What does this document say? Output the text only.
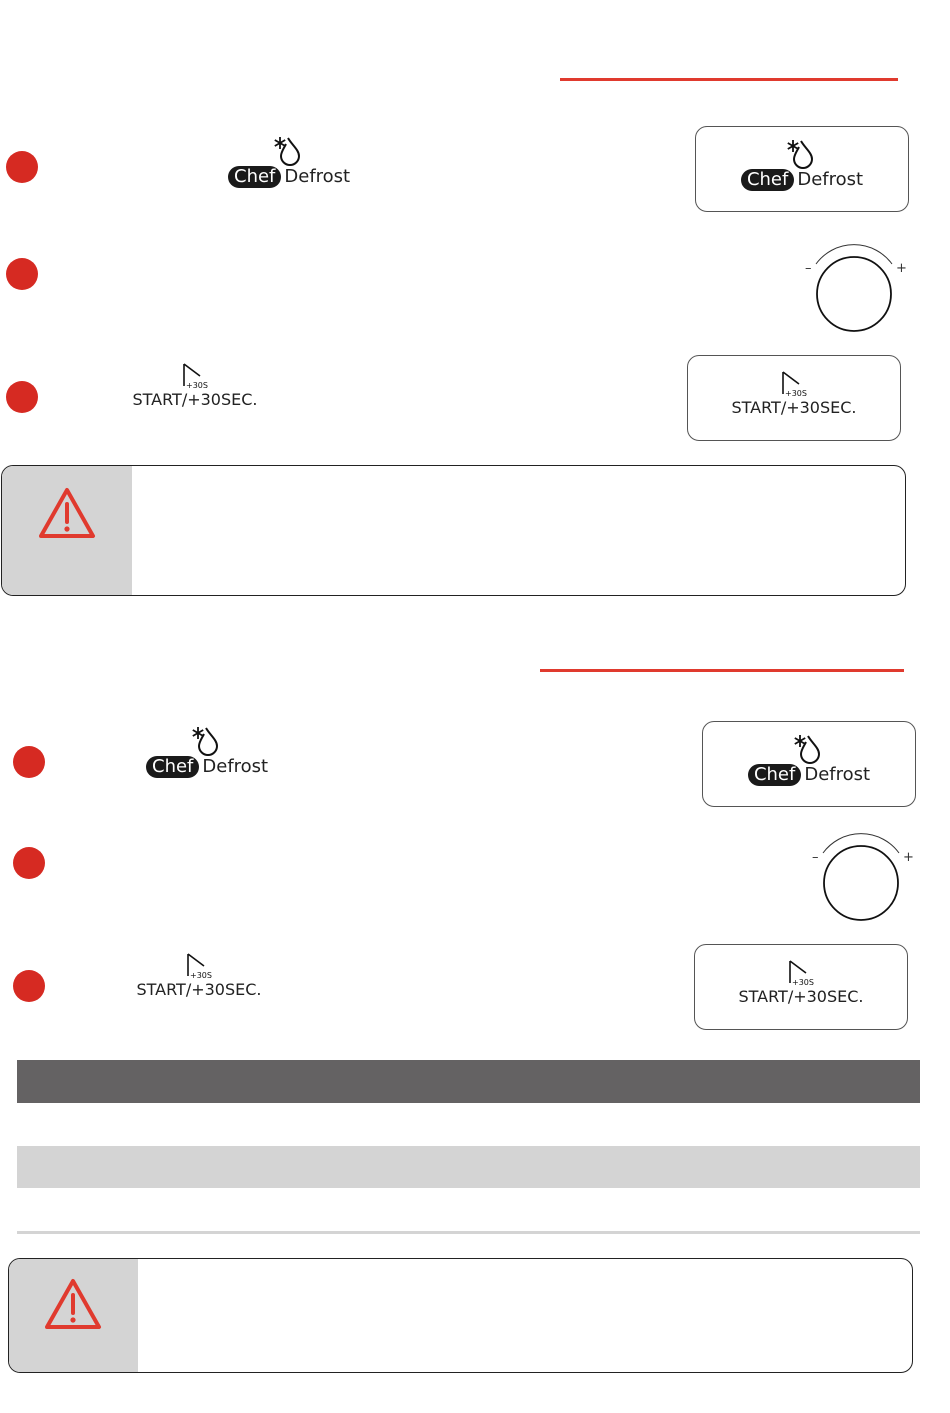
Chef Defrost	Chef Defrost
–	+
+30S
START/+30SEC.	+30S
START/+30SEC.
Chef Defrost	Chef Defrost
–	+
+30S
START/+30SEC.	+30S
START/+30SEC.
